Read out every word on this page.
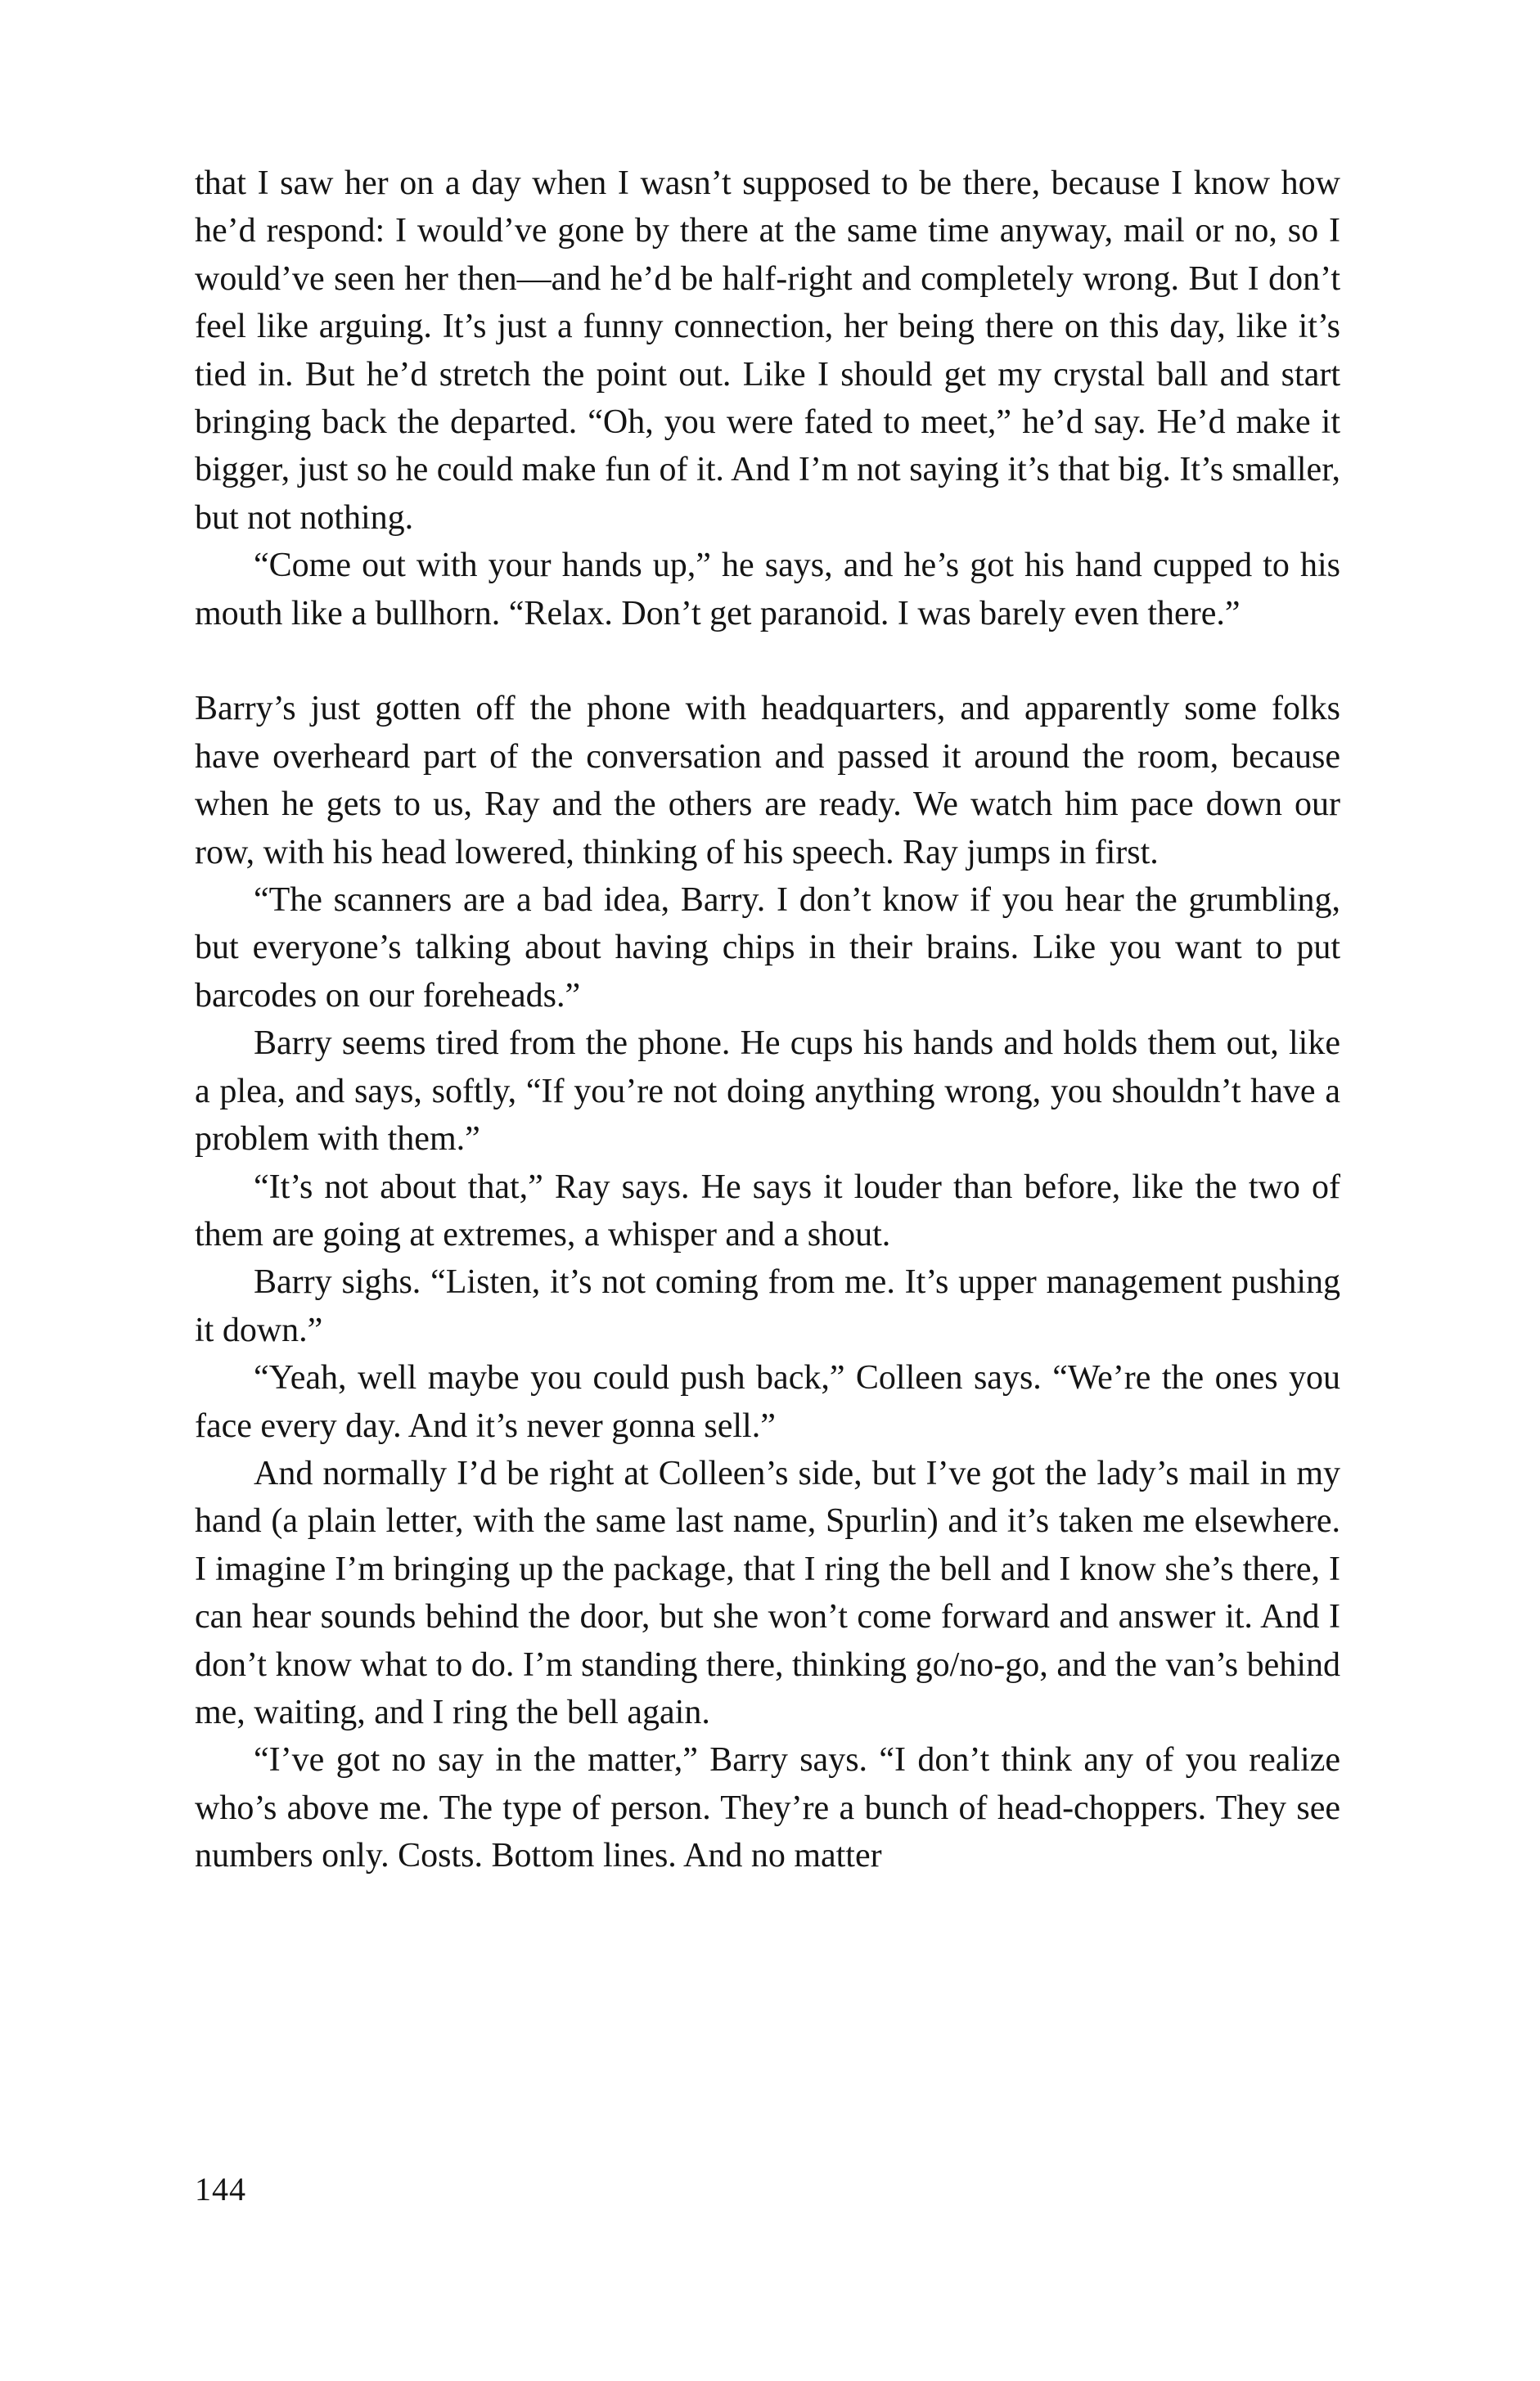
that I saw her on a day when I wasn’t supposed to be there, because I know how he’d respond: I would’ve gone by there at the same time anyway, mail or no, so I would’ve seen her then—and he’d be half-right and completely wrong. But I don’t feel like arguing. It’s just a funny connection, her being there on this day, like it’s tied in. But he’d stretch the point out. Like I should get my crystal ball and start bringing back the departed. “Oh, you were fated to meet,” he’d say. He’d make it bigger, just so he could make fun of it. And I’m not saying it’s that big. It’s smaller, but not nothing.

“Come out with your hands up,” he says, and he’s got his hand cupped to his mouth like a bullhorn. “Relax. Don’t get paranoid. I was barely even there.”

Barry’s just gotten off the phone with headquarters, and apparently some folks have overheard part of the conversation and passed it around the room, because when he gets to us, Ray and the others are ready. We watch him pace down our row, with his head lowered, thinking of his speech. Ray jumps in first.

“The scanners are a bad idea, Barry. I don’t know if you hear the grumbling, but everyone’s talking about having chips in their brains. Like you want to put barcodes on our foreheads.”

Barry seems tired from the phone. He cups his hands and holds them out, like a plea, and says, softly, “If you’re not doing anything wrong, you shouldn’t have a problem with them.”

“It’s not about that,” Ray says. He says it louder than before, like the two of them are going at extremes, a whisper and a shout.

Barry sighs. “Listen, it’s not coming from me. It’s upper management pushing it down.”

“Yeah, well maybe you could push back,” Colleen says. “We’re the ones you face every day. And it’s never gonna sell.”

And normally I’d be right at Colleen’s side, but I’ve got the lady’s mail in my hand (a plain letter, with the same last name, Spurlin) and it’s taken me elsewhere. I imagine I’m bringing up the package, that I ring the bell and I know she’s there, I can hear sounds behind the door, but she won’t come forward and answer it. And I don’t know what to do. I’m standing there, thinking go/no-go, and the van’s behind me, waiting, and I ring the bell again.

“I’ve got no say in the matter,” Barry says. “I don’t think any of you realize who’s above me. The type of person. They’re a bunch of head-choppers. They see numbers only. Costs. Bottom lines. And no matter

144
